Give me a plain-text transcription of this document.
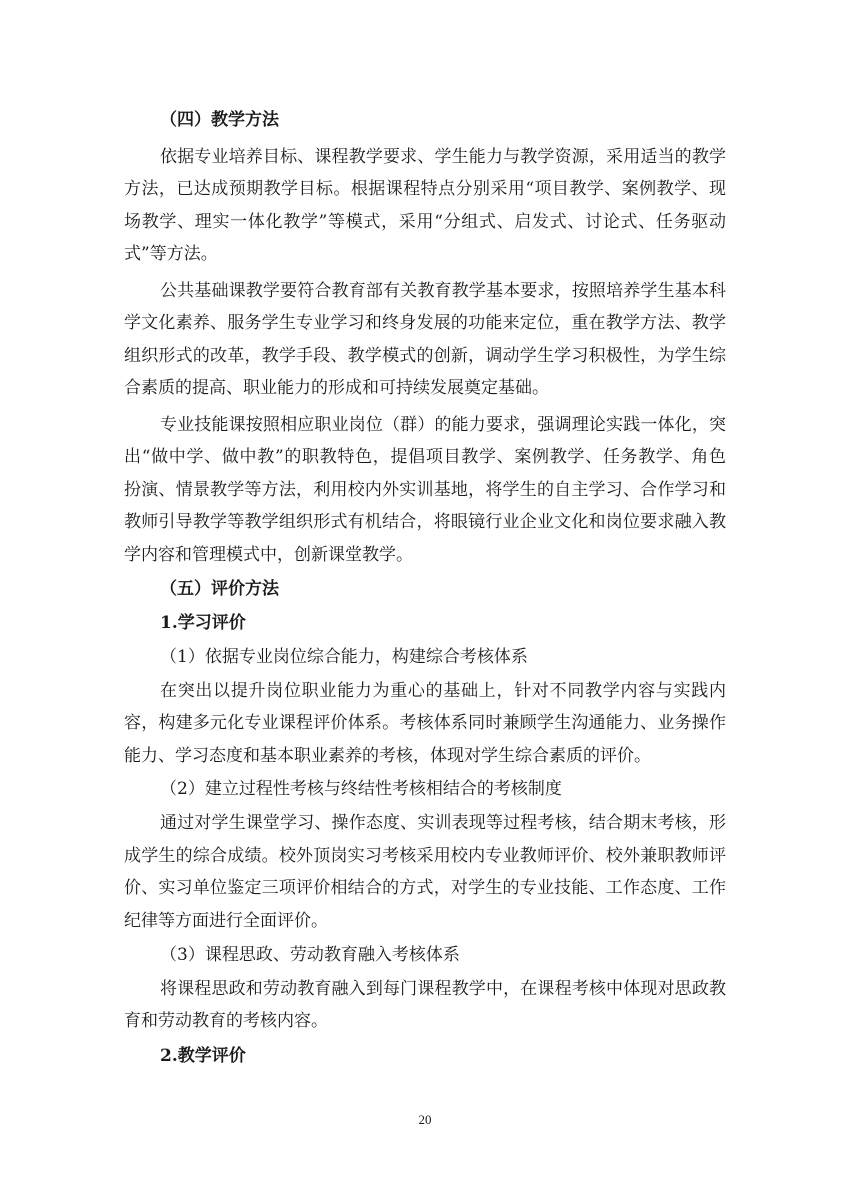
（四）教学方法
依据专业培养目标、课程教学要求、学生能力与教学资源，采用适当的教学
方法，已达成预期教学目标。根据课程特点分别采用“项目教学、案例教学、现
场教学、理实一体化教学”等模式，采用“分组式、启发式、讨论式、任务驱动
式”等方法。
公共基础课教学要符合教育部有关教育教学基本要求，按照培养学生基本科
学文化素养、服务学生专业学习和终身发展的功能来定位，重在教学方法、教学
组织形式的改革，教学手段、教学模式的创新，调动学生学习积极性，为学生综
合素质的提高、职业能力的形成和可持续发展奠定基础。
专业技能课按照相应职业岗位（群）的能力要求，强调理论实践一体化，突
出“做中学、做中教”的职教特色，提倡项目教学、案例教学、任务教学、角色
扮演、情景教学等方法，利用校内外实训基地，将学生的自主学习、合作学习和
教师引导教学等教学组织形式有机结合，将眼镜行业企业文化和岗位要求融入教
学内容和管理模式中，创新课堂教学。
（五）评价方法
1.学习评价
（1）依据专业岗位综合能力，构建综合考核体系
在突出以提升岗位职业能力为重心的基础上，针对不同教学内容与实践内
容，构建多元化专业课程评价体系。考核体系同时兼顾学生沟通能力、业务操作
能力、学习态度和基本职业素养的考核，体现对学生综合素质的评价。
（2）建立过程性考核与终结性考核相结合的考核制度
通过对学生课堂学习、操作态度、实训表现等过程考核，结合期末考核，形
成学生的综合成绩。校外顶岗实习考核采用校内专业教师评价、校外兼职教师评
价、实习单位鉴定三项评价相结合的方式，对学生的专业技能、工作态度、工作
纪律等方面进行全面评价。
（3）课程思政、劳动教育融入考核体系
将课程思政和劳动教育融入到每门课程教学中，在课程考核中体现对思政教
育和劳动教育的考核内容。
2.教学评价
20
